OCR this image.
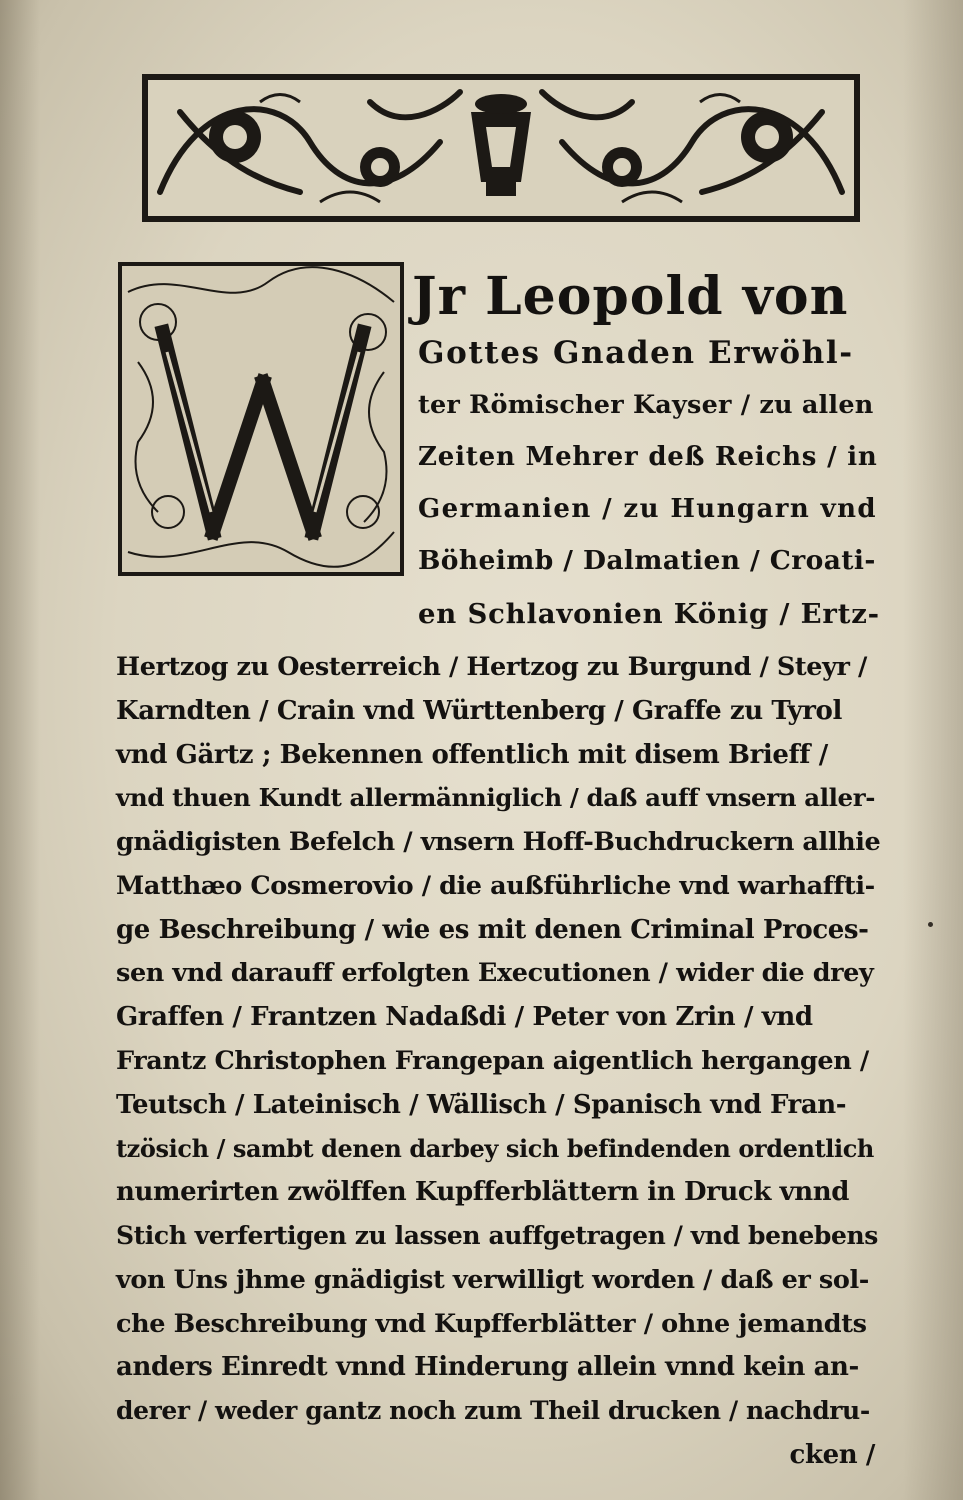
Jr Leopold von

Gottes Gnaden Erwöhl-

ter Römischer Kayser / zu allen

Zeiten Mehrer deß Reichs / in

Germanien / zu Hungarn vnd

Böheimb / Dalmatien / Croati-

en Schlavonien König / Ertz-

Hertzog zu Oesterreich / Hertzog zu Burgund / Steyr /

Karndten / Crain vnd Württenberg / Graffe zu Tyrol

vnd Gärtz ; Bekennen offentlich mit disem Brieff /

vnd thuen Kundt allermänniglich / daß auff vnsern aller-

gnädigisten Befelch / vnsern Hoff-Buchdruckern allhie

Matthæo Cosmerovio / die außführliche vnd warhaffti-

ge Beschreibung / wie es mit denen Criminal Proces-

sen vnd darauff erfolgten Executionen / wider die drey

Graffen / Frantzen Nadaßdi / Peter von Zrin / vnd

Frantz Christophen Frangepan aigentlich hergangen /

Teutsch / Lateinisch / Wällisch / Spanisch vnd Fran-

tzösich / sambt denen darbey sich befindenden ordentlich

numerirten zwölffen Kupfferblättern in Druck vnnd

Stich verfertigen zu lassen auffgetragen / vnd benebens

von Uns jhme gnädigist verwilligt worden / daß er sol-

che Beschreibung vnd Kupfferblätter / ohne jemandts

anders Einredt vnnd Hinderung allein vnnd kein an-

derer / weder gantz noch zum Theil drucken / nachdru-

cken /
